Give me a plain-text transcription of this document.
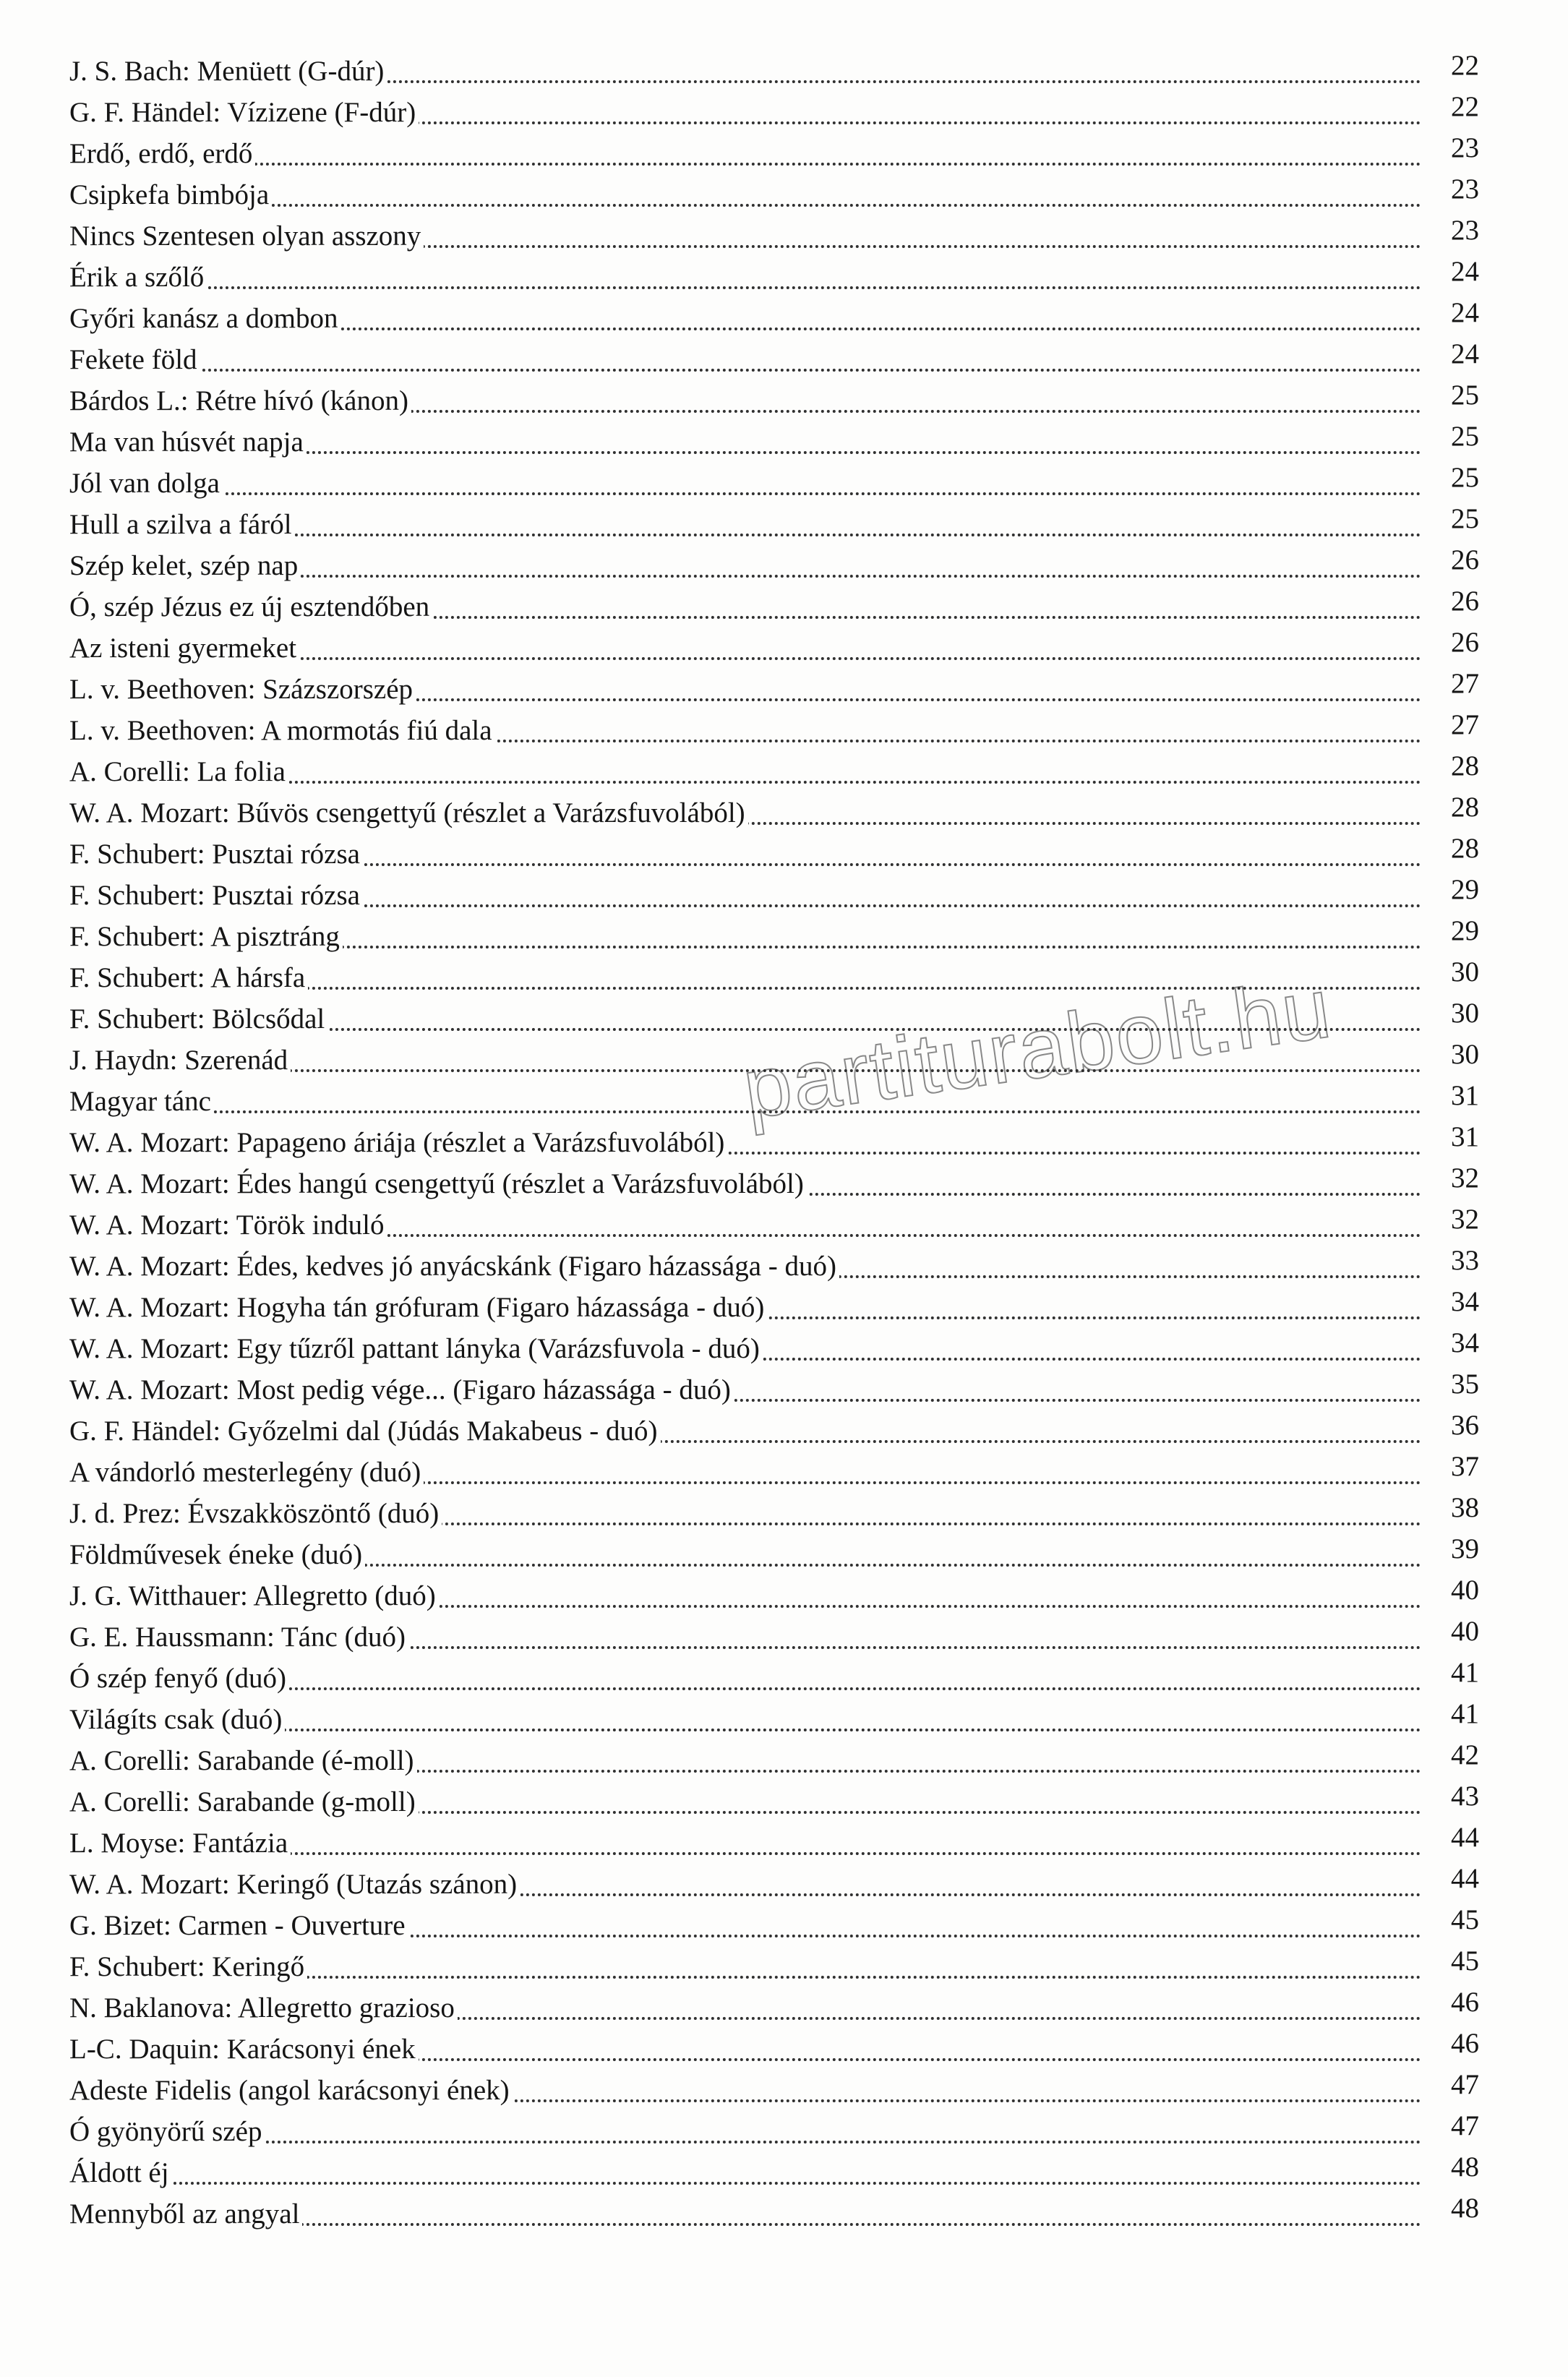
J. S. Bach: Menüett (G-dúr)	22
G. F. Händel: Vízizene (F-dúr)	22
Erdő, erdő, erdő	23
Csipkefa bimbója	23
Nincs Szentesen olyan asszony	23
Érik a szőlő	24
Győri kanász a dombon	24
Fekete föld	24
Bárdos L.: Rétre hívó (kánon)	25
Ma van húsvét napja	25
Jól van dolga	25
Hull a szilva a fáról	25
Szép kelet, szép nap	26
Ó, szép Jézus ez új esztendőben	26
Az isteni gyermeket	26
L. v. Beethoven: Százszorszép	27
L. v. Beethoven: A mormotás fiú dala	27
A. Corelli: La folia	28
W. A. Mozart: Bűvös csengettyű (részlet a Varázsfuvolából)	28
F. Schubert: Pusztai rózsa	28
F. Schubert: Pusztai rózsa	29
F. Schubert: A pisztráng	29
F. Schubert: A hársfa	30
F. Schubert: Bölcsődal	30
J. Haydn: Szerenád	30
Magyar tánc	31
W. A. Mozart: Papageno áriája (részlet a Varázsfuvolából)	31
W. A. Mozart: Édes hangú csengettyű (részlet a Varázsfuvolából)	32
W. A. Mozart: Török induló	32
W. A. Mozart: Édes, kedves jó anyácskánk (Figaro házassága - duó)	33
W. A. Mozart: Hogyha tán grófuram (Figaro házassága - duó)	34
W. A. Mozart: Egy tűzről pattant lányka (Varázsfuvola - duó)	34
W. A. Mozart: Most pedig vége... (Figaro házassága - duó)	35
G. F. Händel: Győzelmi dal (Júdás Makabeus - duó)	36
A vándorló mesterlegény (duó)	37
J. d. Prez: Évszakköszöntő (duó)	38
Földművesek éneke (duó)	39
J. G. Witthauer: Allegretto (duó)	40
G. E. Haussmann: Tánc (duó)	40
Ó szép fenyő (duó)	41
Világíts csak (duó)	41
A. Corelli: Sarabande (é-moll)	42
A. Corelli: Sarabande (g-moll)	43
L. Moyse: Fantázia	44
W. A. Mozart: Keringő (Utazás szánon)	44
G. Bizet: Carmen - Ouverture	45
F. Schubert: Keringő	45
N. Baklanova: Allegretto grazioso	46
L-C. Daquin: Karácsonyi ének	46
Adeste Fidelis (angol karácsonyi ének)	47
Ó gyönyörű szép	47
Áldott éj	48
Mennyből az angyal	48
partiturabolt.hu
